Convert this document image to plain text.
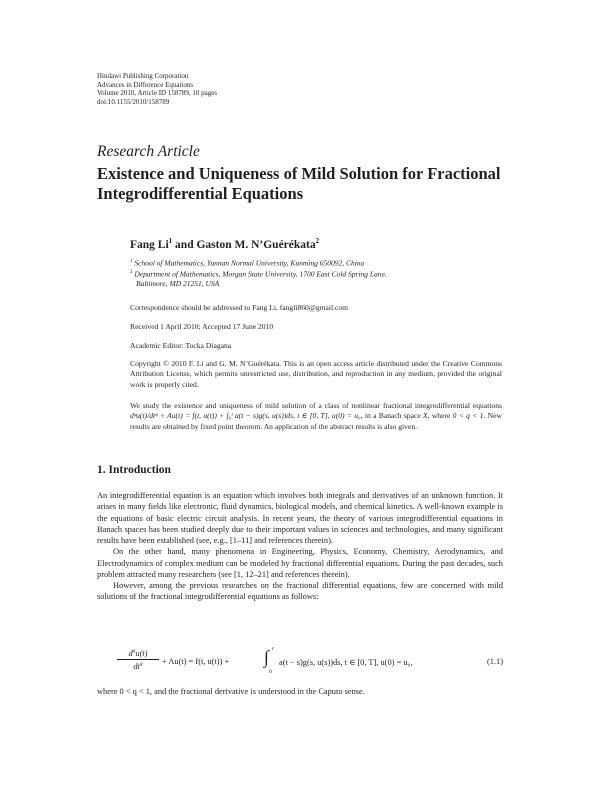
Hindawi Publishing Corporation
Advances in Difference Equations
Volume 2010, Article ID 158789, 10 pages
doi:10.1155/2010/158789
Research Article
Existence and Uniqueness of Mild Solution for Fractional Integrodifferential Equations
Fang Li$^1$ and Gaston M. N’Guérékata$^2$
$^1$ School of Mathematics, Yunnan Normal University, Kunming 650092, China
$^2$ Department of Mathematics, Morgan State University, 1700 East Cold Spring Lane,
Baltimore, MD 21251, USA
Correspondence should be addressed to Fang Li, fangli860@gmail.com
Received 1 April 2010; Accepted 17 June 2010
Academic Editor: Tocka Diagana
Copyright © 2010 F. Li and G. M. N’Guérékata. This is an open access article distributed under the Creative Commons Attribution License, which permits unrestricted use, distribution, and reproduction in any medium, provided the original work is properly cited.
We study the existence and uniqueness of mild solution of a class of nonlinear fractional integrodifferential equations dᵠu(t)/dtᵠ + Au(t) = f(t, u(t)) + ∫₀ᵗ a(t − s)g(s, u(s))ds, t ∈ [0, T], u(0) = u₀, in a Banach space X, where 0 < q < 1. New results are obtained by fixed point theorem. An application of the abstract results is also given.
1. Introduction

An integrodifferential equation is an equation which involves both integrals and derivatives of an unknown function. It arises in many fields like electronic, fluid dynamics, biological models, and chemical kinetics. A well-known example is the equations of basic electric circuit analysis. In recent years, the theory of various integrodifferential equations in Banach spaces has been studied deeply due to their important values in sciences and technologies, and many significant results have been established (see, e.g., [1–11] and references therein).

On the other hand, many phenomena in Engineering, Physics, Economy, Chemistry, Aerodynamics, and Electrodynamics of complex medium can be modeled by fractional differential equations. During the past decades, such problem attracted many researchers (see [1, 12–21] and references therein).

However, among the previous researches on the fractional differential equations, few are concerned with mild solutions of the fractional integrodifferential equations as follows:

$d^qu(t)$
$dt^q$	+ Au(t) = f(t, u(t)) + ∫ t
0
a(t − s)g(s, u(s))ds, t ∈ [0, T], u(0) = u₀,	(1.1)
where 0 < q < 1, and the fractional derivative is understood in the Caputo sense.
